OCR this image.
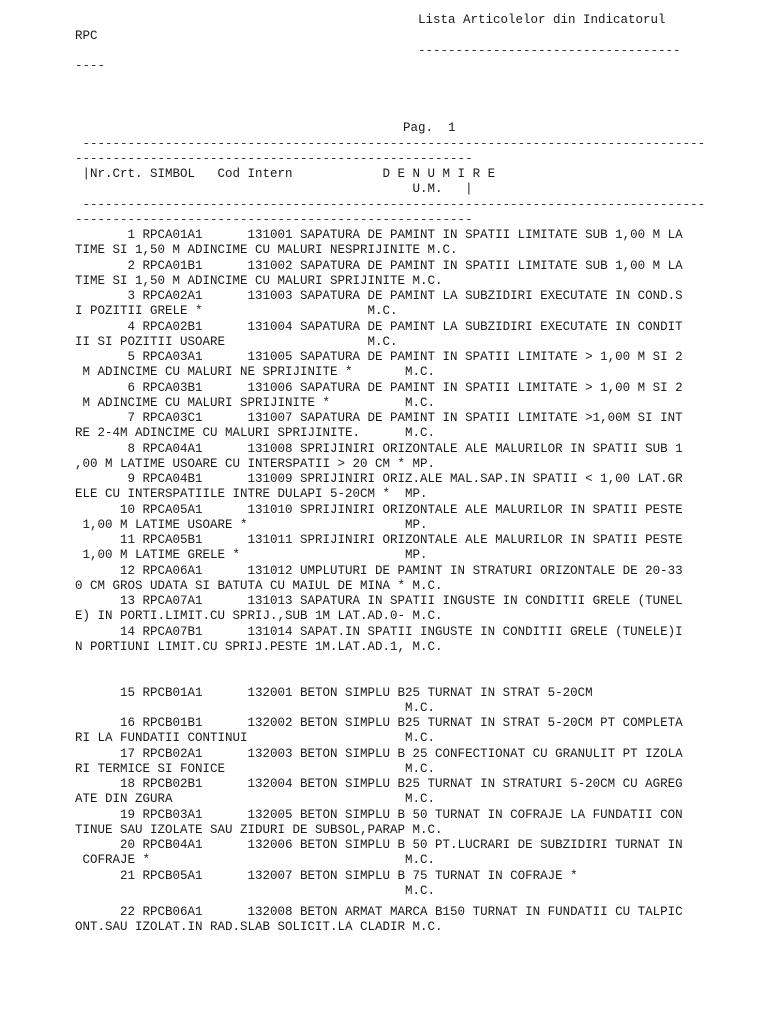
Lista Articolelor din Indicatorul
RPC
-----------------------------------
----
Pag.  1
-----------------------------------------------------------------------------------
-----------------------------------------------------
|Nr.Crt. SIMBOL   Cod Intern            D E N U M I R E
U.M.   |
-----------------------------------------------------------------------------------
-----------------------------------------------------
1 RPCA01A1      131001 SAPATURA DE PAMINT IN SPATII LIMITATE SUB 1,00 M LA
TIME SI 1,50 M ADINCIME CU MALURI NESPRIJINITE M.C.
2 RPCA01B1      131002 SAPATURA DE PAMINT IN SPATII LIMITATE SUB 1,00 M LA
TIME SI 1,50 M ADINCIME CU MALURI SPRIJINITE M.C.
3 RPCA02A1      131003 SAPATURA DE PAMINT LA SUBZIDIRI EXECUTATE IN COND.S
I POZITII GRELE *                      M.C.
4 RPCA02B1      131004 SAPATURA DE PAMINT LA SUBZIDIRI EXECUTATE IN CONDIT
II SI POZITII USOARE                   M.C.
5 RPCA03A1      131005 SAPATURA DE PAMINT IN SPATII LIMITATE > 1,00 M SI 2
M ADINCIME CU MALURI NE SPRIJINITE *       M.C.
6 RPCA03B1      131006 SAPATURA DE PAMINT IN SPATII LIMITATE > 1,00 M SI 2
M ADINCIME CU MALURI SPRIJINITE *          M.C.
7 RPCA03C1      131007 SAPATURA DE PAMINT IN SPATII LIMITATE >1,00M SI INT
RE 2-4M ADINCIME CU MALURI SPRIJINITE.      M.C.
8 RPCA04A1      131008 SPRIJINIRI ORIZONTALE ALE MALURILOR IN SPATII SUB 1
,00 M LATIME USOARE CU INTERSPATII > 20 CM * MP.
9 RPCA04B1      131009 SPRIJINIRI ORIZ.ALE MAL.SAP.IN SPATII < 1,00 LAT.GR
ELE CU INTERSPATIILE INTRE DULAPI 5-20CM *  MP.
10 RPCA05A1      131010 SPRIJINIRI ORIZONTALE ALE MALURILOR IN SPATII PESTE
1,00 M LATIME USOARE *                     MP.
11 RPCA05B1      131011 SPRIJINIRI ORIZONTALE ALE MALURILOR IN SPATII PESTE
1,00 M LATIME GRELE *                      MP.
12 RPCA06A1      131012 UMPLUTURI DE PAMINT IN STRATURI ORIZONTALE DE 20-33
0 CM GROS UDATA SI BATUTA CU MAIUL DE MINA * M.C.
13 RPCA07A1      131013 SAPATURA IN SPATII INGUSTE IN CONDITII GRELE (TUNEL
E) IN PORTI.LIMIT.CU SPRIJ.,SUB 1M LAT.AD.0- M.C.
14 RPCA07B1      131014 SAPAT.IN SPATII INGUSTE IN CONDITII GRELE (TUNELE)I
N PORTIUNI LIMIT.CU SPRIJ.PESTE 1M.LAT.AD.1, M.C.
15 RPCB01A1      132001 BETON SIMPLU B25 TURNAT IN STRAT 5-20CM
M.C.
16 RPCB01B1      132002 BETON SIMPLU B25 TURNAT IN STRAT 5-20CM PT COMPLETA
RI LA FUNDATII CONTINUI                     M.C.
17 RPCB02A1      132003 BETON SIMPLU B 25 CONFECTIONAT CU GRANULIT PT IZOLA
RI TERMICE SI FONICE                        M.C.
18 RPCB02B1      132004 BETON SIMPLU B25 TURNAT IN STRATURI 5-20CM CU AGREG
ATE DIN ZGURA                               M.C.
19 RPCB03A1      132005 BETON SIMPLU B 50 TURNAT IN COFRAJE LA FUNDATII CON
TINUE SAU IZOLATE SAU ZIDURI DE SUBSOL,PARAP M.C.
20 RPCB04A1      132006 BETON SIMPLU B 50 PT.LUCRARI DE SUBZIDIRI TURNAT IN
COFRAJE *                                  M.C.
21 RPCB05A1      132007 BETON SIMPLU B 75 TURNAT IN COFRAJE *
M.C.
22 RPCB06A1      132008 BETON ARMAT MARCA B150 TURNAT IN FUNDATII CU TALPIC
ONT.SAU IZOLAT.IN RAD.SLAB SOLICIT.LA CLADIR M.C.
